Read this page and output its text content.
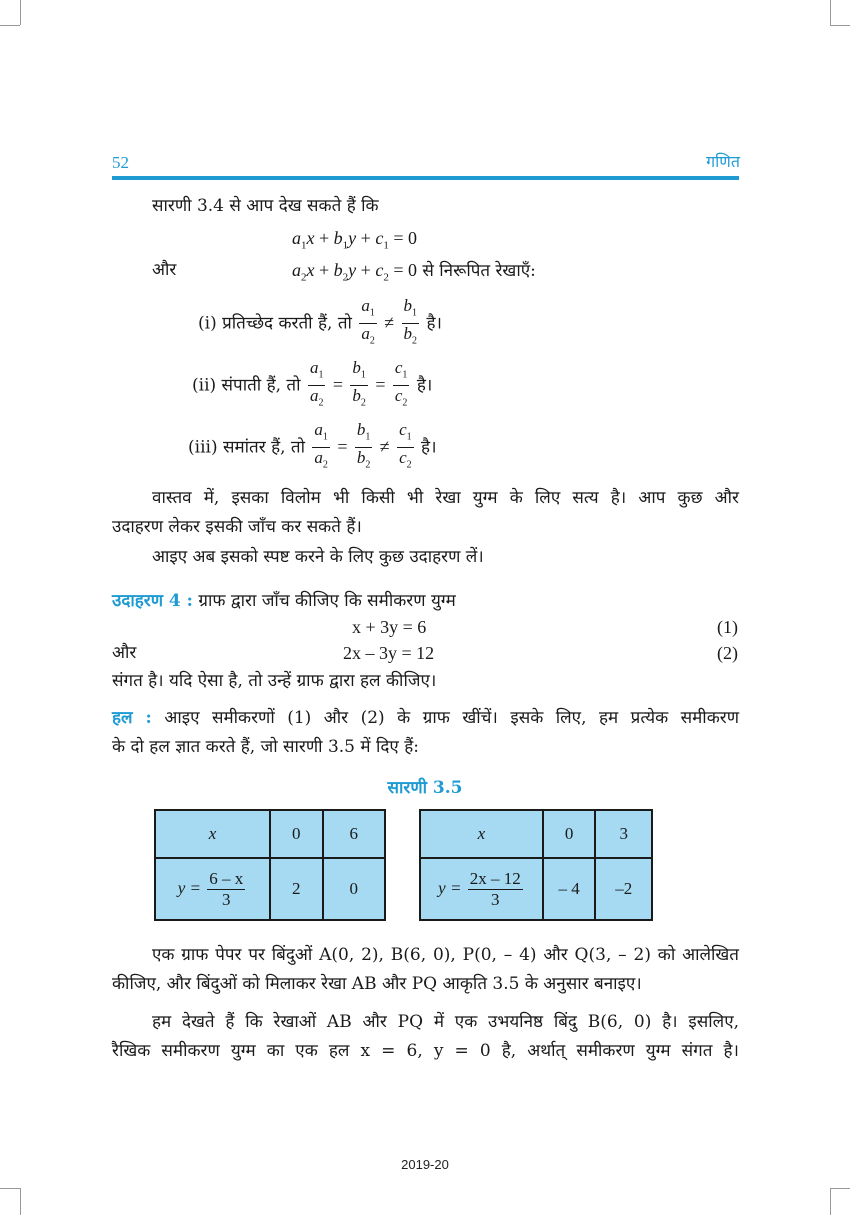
52	गणित
सारणी 3.4 से आप देख सकते हैं कि
$a_1x + b_1y + c_1 = 0$
और	$a_2x + b_2y + c_2 = 0$ से निरूपित रेखाएँ:
(i) प्रतिच्छेद करती हैं, तो $\frac{a_1}{a_2} \ne \frac{b_1}{b_2}$ है।
(ii) संपाती हैं, तो $\frac{a_1}{a_2} = \frac{b_1}{b_2} = \frac{c_1}{c_2}$ है।
(iii) समांतर हैं, तो $\frac{a_1}{a_2} = \frac{b_1}{b_2} \ne \frac{c_1}{c_2}$ है।
वास्तव में, इसका विलोम भी किसी भी रेखा युग्म के लिए सत्य है। आप कुछ और
उदाहरण लेकर इसकी जाँच कर सकते हैं।
आइए अब इसको स्पष्ट करने के लिए कुछ उदाहरण लें।
उदाहरण 4 : ग्राफ द्वारा जाँच कीजिए कि समीकरण युग्म
x + 3y = 6	(1)
और	2x – 3y = 12	(2)
संगत है। यदि ऐसा है, तो उन्हें ग्राफ द्वारा हल कीजिए।
हल : आइए समीकरणों (1) और (2) के ग्राफ खींचें। इसके लिए, हम प्रत्येक समीकरण
के दो हल ज्ञात करते हैं, जो सारणी 3.5 में दिए हैं:
सारणी 3.5
x	0	6
$y = \frac{6 - x}{3}$	2	0
x	0	3
$y = \frac{2x - 12}{3}$	– 4	–2
एक ग्राफ पेपर पर बिंदुओं A(0, 2), B(6, 0), P(0, – 4) और Q(3, – 2) को आलेखित
कीजिए, और बिंदुओं को मिलाकर रेखा AB और PQ आकृति 3.5 के अनुसार बनाइए।
हम देखते हैं कि रेखाओं AB और PQ में एक उभयनिष्ठ बिंदु B(6, 0) है। इसलिए,
रैखिक समीकरण युग्म का एक हल x = 6, y = 0 है, अर्थात् समीकरण युग्म संगत है।
2019-20
